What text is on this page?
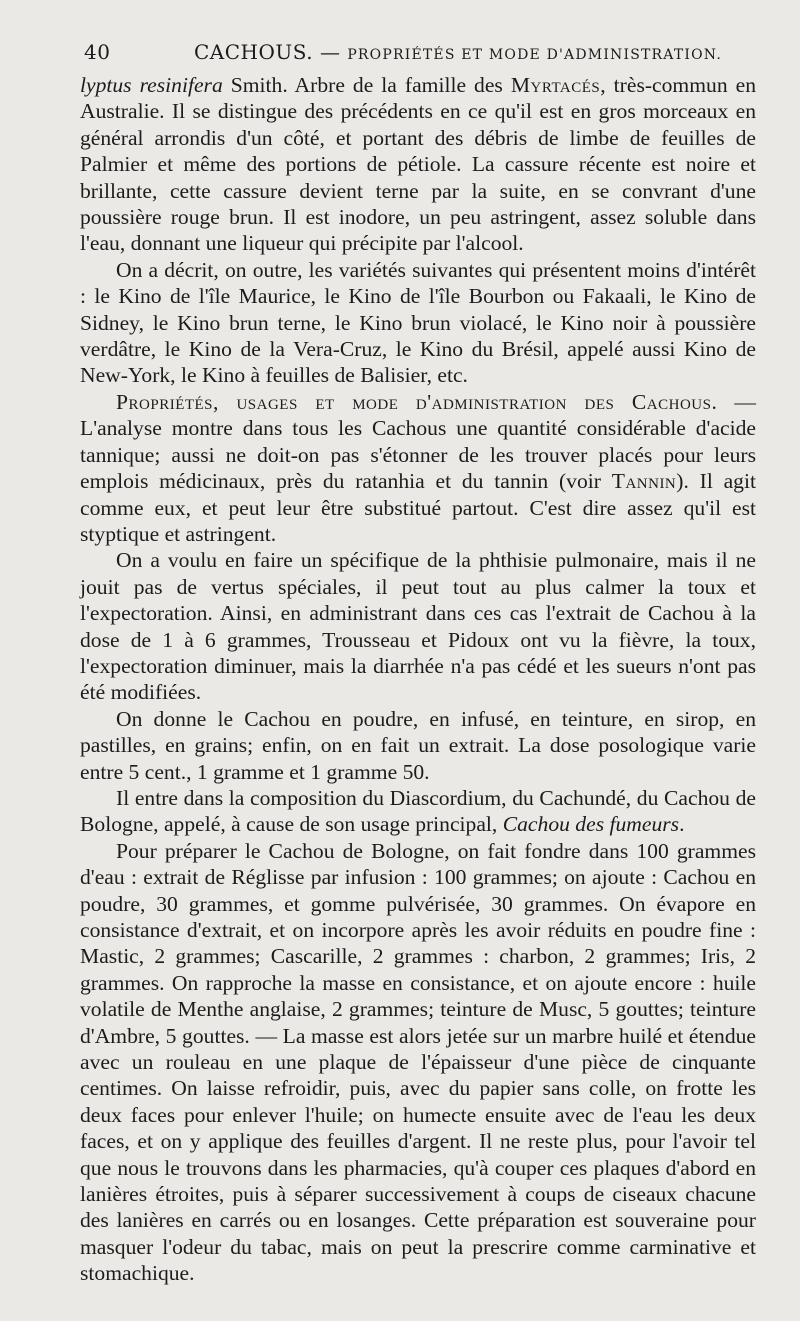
40	CACHOUS. — PROPRIÉTÉS ET MODE D'ADMINISTRATION.

lyptus resinifera Smith. Arbre de la famille des Myrtacés, très-commun en Australie. Il se distingue des précédents en ce qu'il est en gros morceaux en général arrondis d'un côté, et portant des débris de limbe de feuilles de Palmier et même des portions de pétiole. La cassure récente est noire et brillante, cette cassure devient terne par la suite, en se convrant d'une poussière rouge brun. Il est inodore, un peu astringent, assez soluble dans l'eau, donnant une liqueur qui précipite par l'alcool.

On a décrit, on outre, les variétés suivantes qui présentent moins d'intérêt : le Kino de l'île Maurice, le Kino de l'île Bourbon ou Fakaali, le Kino de Sidney, le Kino brun terne, le Kino brun violacé, le Kino noir à poussière verdâtre, le Kino de la Vera-Cruz, le Kino du Brésil, appelé aussi Kino de New-York, le Kino à feuilles de Balisier, etc.

Propriétés, usages et mode d'administration des Cachous. — L'analyse montre dans tous les Cachous une quantité considérable d'acide tannique; aussi ne doit-on pas s'étonner de les trouver placés pour leurs emplois médicinaux, près du ratanhia et du tannin (voir Tannin). Il agit comme eux, et peut leur être substitué partout. C'est dire assez qu'il est styptique et astringent.

On a voulu en faire un spécifique de la phthisie pulmonaire, mais il ne jouit pas de vertus spéciales, il peut tout au plus calmer la toux et l'expectoration. Ainsi, en administrant dans ces cas l'extrait de Cachou à la dose de 1 à 6 grammes, Trousseau et Pidoux ont vu la fièvre, la toux, l'expectoration diminuer, mais la diarrhée n'a pas cédé et les sueurs n'ont pas été modifiées.

On donne le Cachou en poudre, en infusé, en teinture, en sirop, en pastilles, en grains; enfin, on en fait un extrait. La dose posologique varie entre 5 cent., 1 gramme et 1 gramme 50.

Il entre dans la composition du Diascordium, du Cachundé, du Cachou de Bologne, appelé, à cause de son usage principal, Cachou des fumeurs.

Pour préparer le Cachou de Bologne, on fait fondre dans 100 grammes d'eau : extrait de Réglisse par infusion : 100 grammes; on ajoute : Cachou en poudre, 30 grammes, et gomme pulvérisée, 30 grammes. On évapore en consistance d'extrait, et on incorpore après les avoir réduits en poudre fine : Mastic, 2 grammes; Cascarille, 2 grammes : charbon, 2 grammes; Iris, 2 grammes. On rapproche la masse en consistance, et on ajoute encore : huile volatile de Menthe anglaise, 2 grammes; teinture de Musc, 5 gouttes; teinture d'Ambre, 5 gouttes. — La masse est alors jetée sur un marbre huilé et étendue avec un rouleau en une plaque de l'épaisseur d'une pièce de cinquante centimes. On laisse refroidir, puis, avec du papier sans colle, on frotte les deux faces pour enlever l'huile; on humecte ensuite avec de l'eau les deux faces, et on y applique des feuilles d'argent. Il ne reste plus, pour l'avoir tel que nous le trouvons dans les pharmacies, qu'à couper ces plaques d'abord en lanières étroites, puis à séparer successivement à coups de ciseaux chacune des lanières en carrés ou en losanges. Cette préparation est souveraine pour masquer l'odeur du tabac, mais on peut la prescrire comme carminative et stomachique.
